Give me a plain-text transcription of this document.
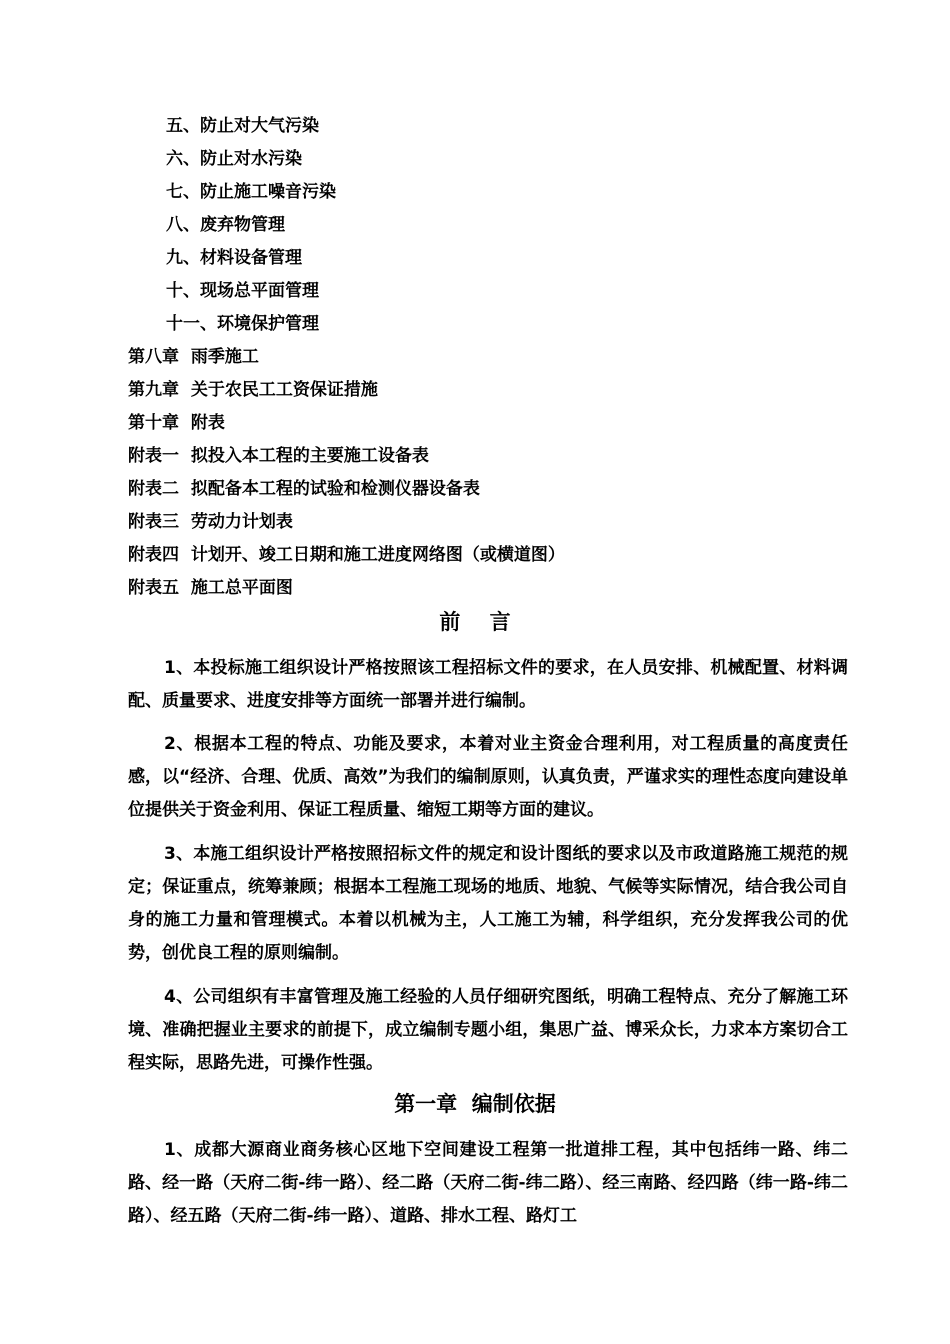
五、防止对大气污染
六、防止对水污染
七、防止施工噪音污染
八、废弃物管理
九、材料设备管理
十、现场总平面管理
十一、环境保护管理
第八章  雨季施工
第九章  关于农民工工资保证措施
第十章  附表
附表一  拟投入本工程的主要施工设备表
附表二  拟配备本工程的试验和检测仪器设备表
附表三  劳动力计划表
附表四  计划开、竣工日期和施工进度网络图（或横道图）
附表五  施工总平面图
前    言

1、本投标施工组织设计严格按照该工程招标文件的要求，在人员安排、机械配置、材料调配、质量要求、进度安排等方面统一部署并进行编制。

2、根据本工程的特点、功能及要求，本着对业主资金合理利用，对工程质量的高度责任感，以“经济、合理、优质、高效”为我们的编制原则，认真负责，严谨求实的理性态度向建设单位提供关于资金利用、保证工程质量、缩短工期等方面的建议。

3、本施工组织设计严格按照招标文件的规定和设计图纸的要求以及市政道路施工规范的规定；保证重点，统筹兼顾；根据本工程施工现场的地质、地貌、气候等实际情况，结合我公司自身的施工力量和管理模式。本着以机械为主，人工施工为辅，科学组织，充分发挥我公司的优势，创优良工程的原则编制。

4、公司组织有丰富管理及施工经验的人员仔细研究图纸，明确工程特点、充分了解施工环境、准确把握业主要求的前提下，成立编制专题小组，集思广益、博采众长，力求本方案切合工程实际，思路先进，可操作性强。

第一章  编制依据

1、成都大源商业商务核心区地下空间建设工程第一批道排工程，其中包括纬一路、纬二路、经一路（天府二街-纬一路）、经二路（天府二街-纬二路）、经三南路、经四路（纬一路-纬二路）、经五路（天府二街-纬一路）、道路、排水工程、路灯工
